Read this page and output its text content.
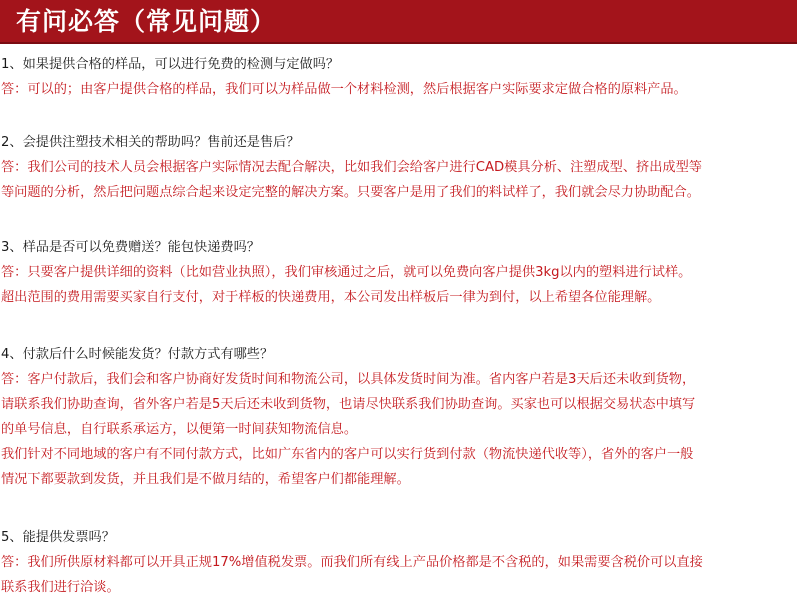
有问必答（常见问题）
1、如果提供合格的样品，可以进行免费的检测与定做吗？
答：可以的；由客户提供合格的样品，我们可以为样品做一个材料检测，然后根据客户实际要求定做合格的原料产品。
2、会提供注塑技术相关的帮助吗？售前还是售后？
答：我们公司的技术人员会根据客户实际情况去配合解决，比如我们会给客户进行CAD模具分析、注塑成型、挤出成型等
等问题的分析，然后把问题点综合起来设定完整的解决方案。只要客户是用了我们的料试样了，我们就会尽力协助配合。
3、样品是否可以免费赠送？能包快递费吗？
答：只要客户提供详细的资料（比如营业执照），我们审核通过之后，就可以免费向客户提供3kg以内的塑料进行试样。
超出范围的费用需要买家自行支付，对于样板的快递费用，本公司发出样板后一律为到付，以上希望各位能理解。
4、付款后什么时候能发货？付款方式有哪些？
答：客户付款后，我们会和客户协商好发货时间和物流公司，以具体发货时间为准。省内客户若是3天后还未收到货物，
请联系我们协助查询，省外客户若是5天后还未收到货物，也请尽快联系我们协助查询。买家也可以根据交易状态中填写
的单号信息，自行联系承运方，以便第一时间获知物流信息。
我们针对不同地域的客户有不同付款方式，比如广东省内的客户可以实行货到付款（物流快递代收等），省外的客户一般
情况下都要款到发货，并且我们是不做月结的，希望客户们都能理解。
5、能提供发票吗？
答：我们所供原材料都可以开具正规17%增值税发票。而我们所有线上产品价格都是不含税的，如果需要含税价可以直接
联系我们进行洽谈。
